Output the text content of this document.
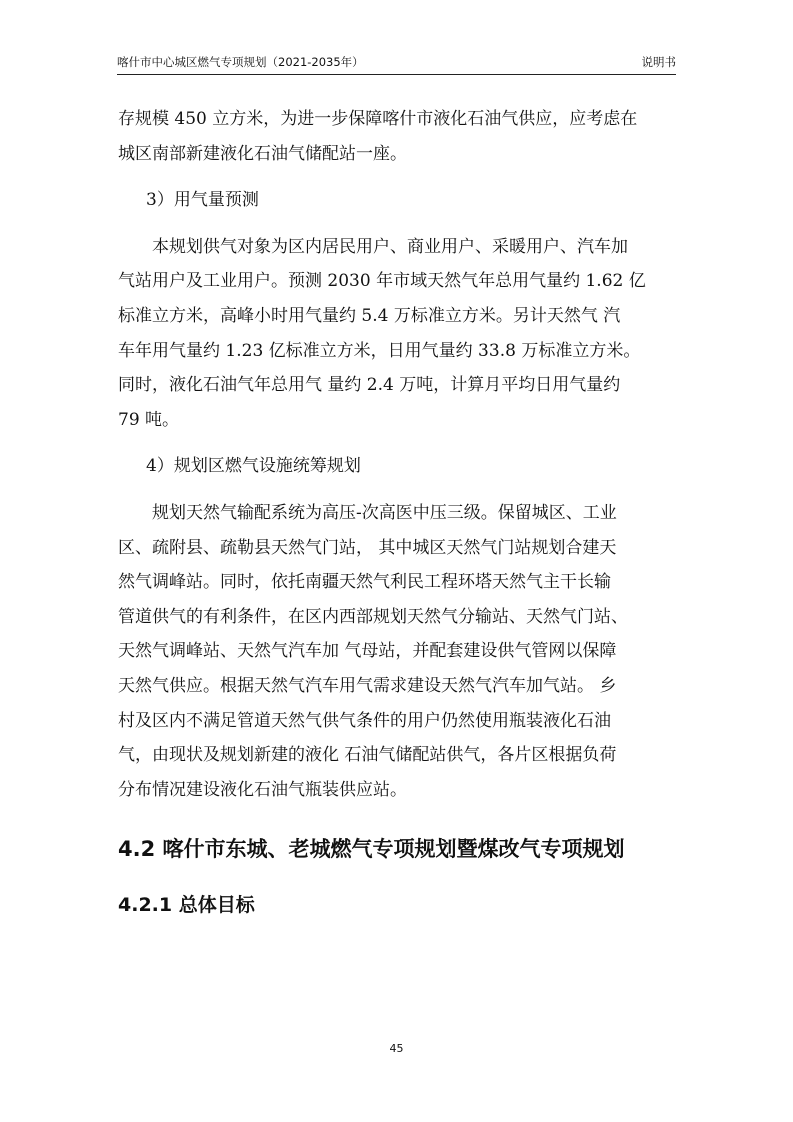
喀什市中心城区燃气专项规划（2021-2035年）	说明书
存规模 450 立方米，为进一步保障喀什市液化石油气供应，应考虑在
城区南部新建液化石油气储配站一座。
3）用气量预测
本规划供气对象为区内居民用户、商业用户、采暖用户、汽车加
气站用户及工业用户。预测 2030 年市域天然气年总用气量约 1.62 亿
标准立方米，高峰小时用气量约 5.4 万标准立方米。另计天然气 汽
车年用气量约 1.23 亿标准立方米，日用气量约 33.8 万标准立方米。
同时，液化石油气年总用气 量约 2.4 万吨，计算月平均日用气量约
79 吨。
4）规划区燃气设施统筹规划
规划天然气输配系统为高压-次高医中压三级。保留城区、工业
区、疏附县、疏勒县天然气门站， 其中城区天然气门站规划合建天
然气调峰站。同时，依托南疆天然气利民工程环塔天然气主干长输
管道供气的有利条件，在区内西部规划天然气分输站、天然气门站、
天然气调峰站、天然气汽车加 气母站，并配套建设供气管网以保障
天然气供应。根据天然气汽车用气需求建设天然气汽车加气站。 乡
村及区内不满足管道天然气供气条件的用户仍然使用瓶装液化石油
气，由现状及规划新建的液化 石油气储配站供气，各片区根据负荷
分布情况建设液化石油气瓶装供应站。
4.2 喀什市东城、老城燃气专项规划暨煤改气专项规划
4.2.1 总体目标
45
